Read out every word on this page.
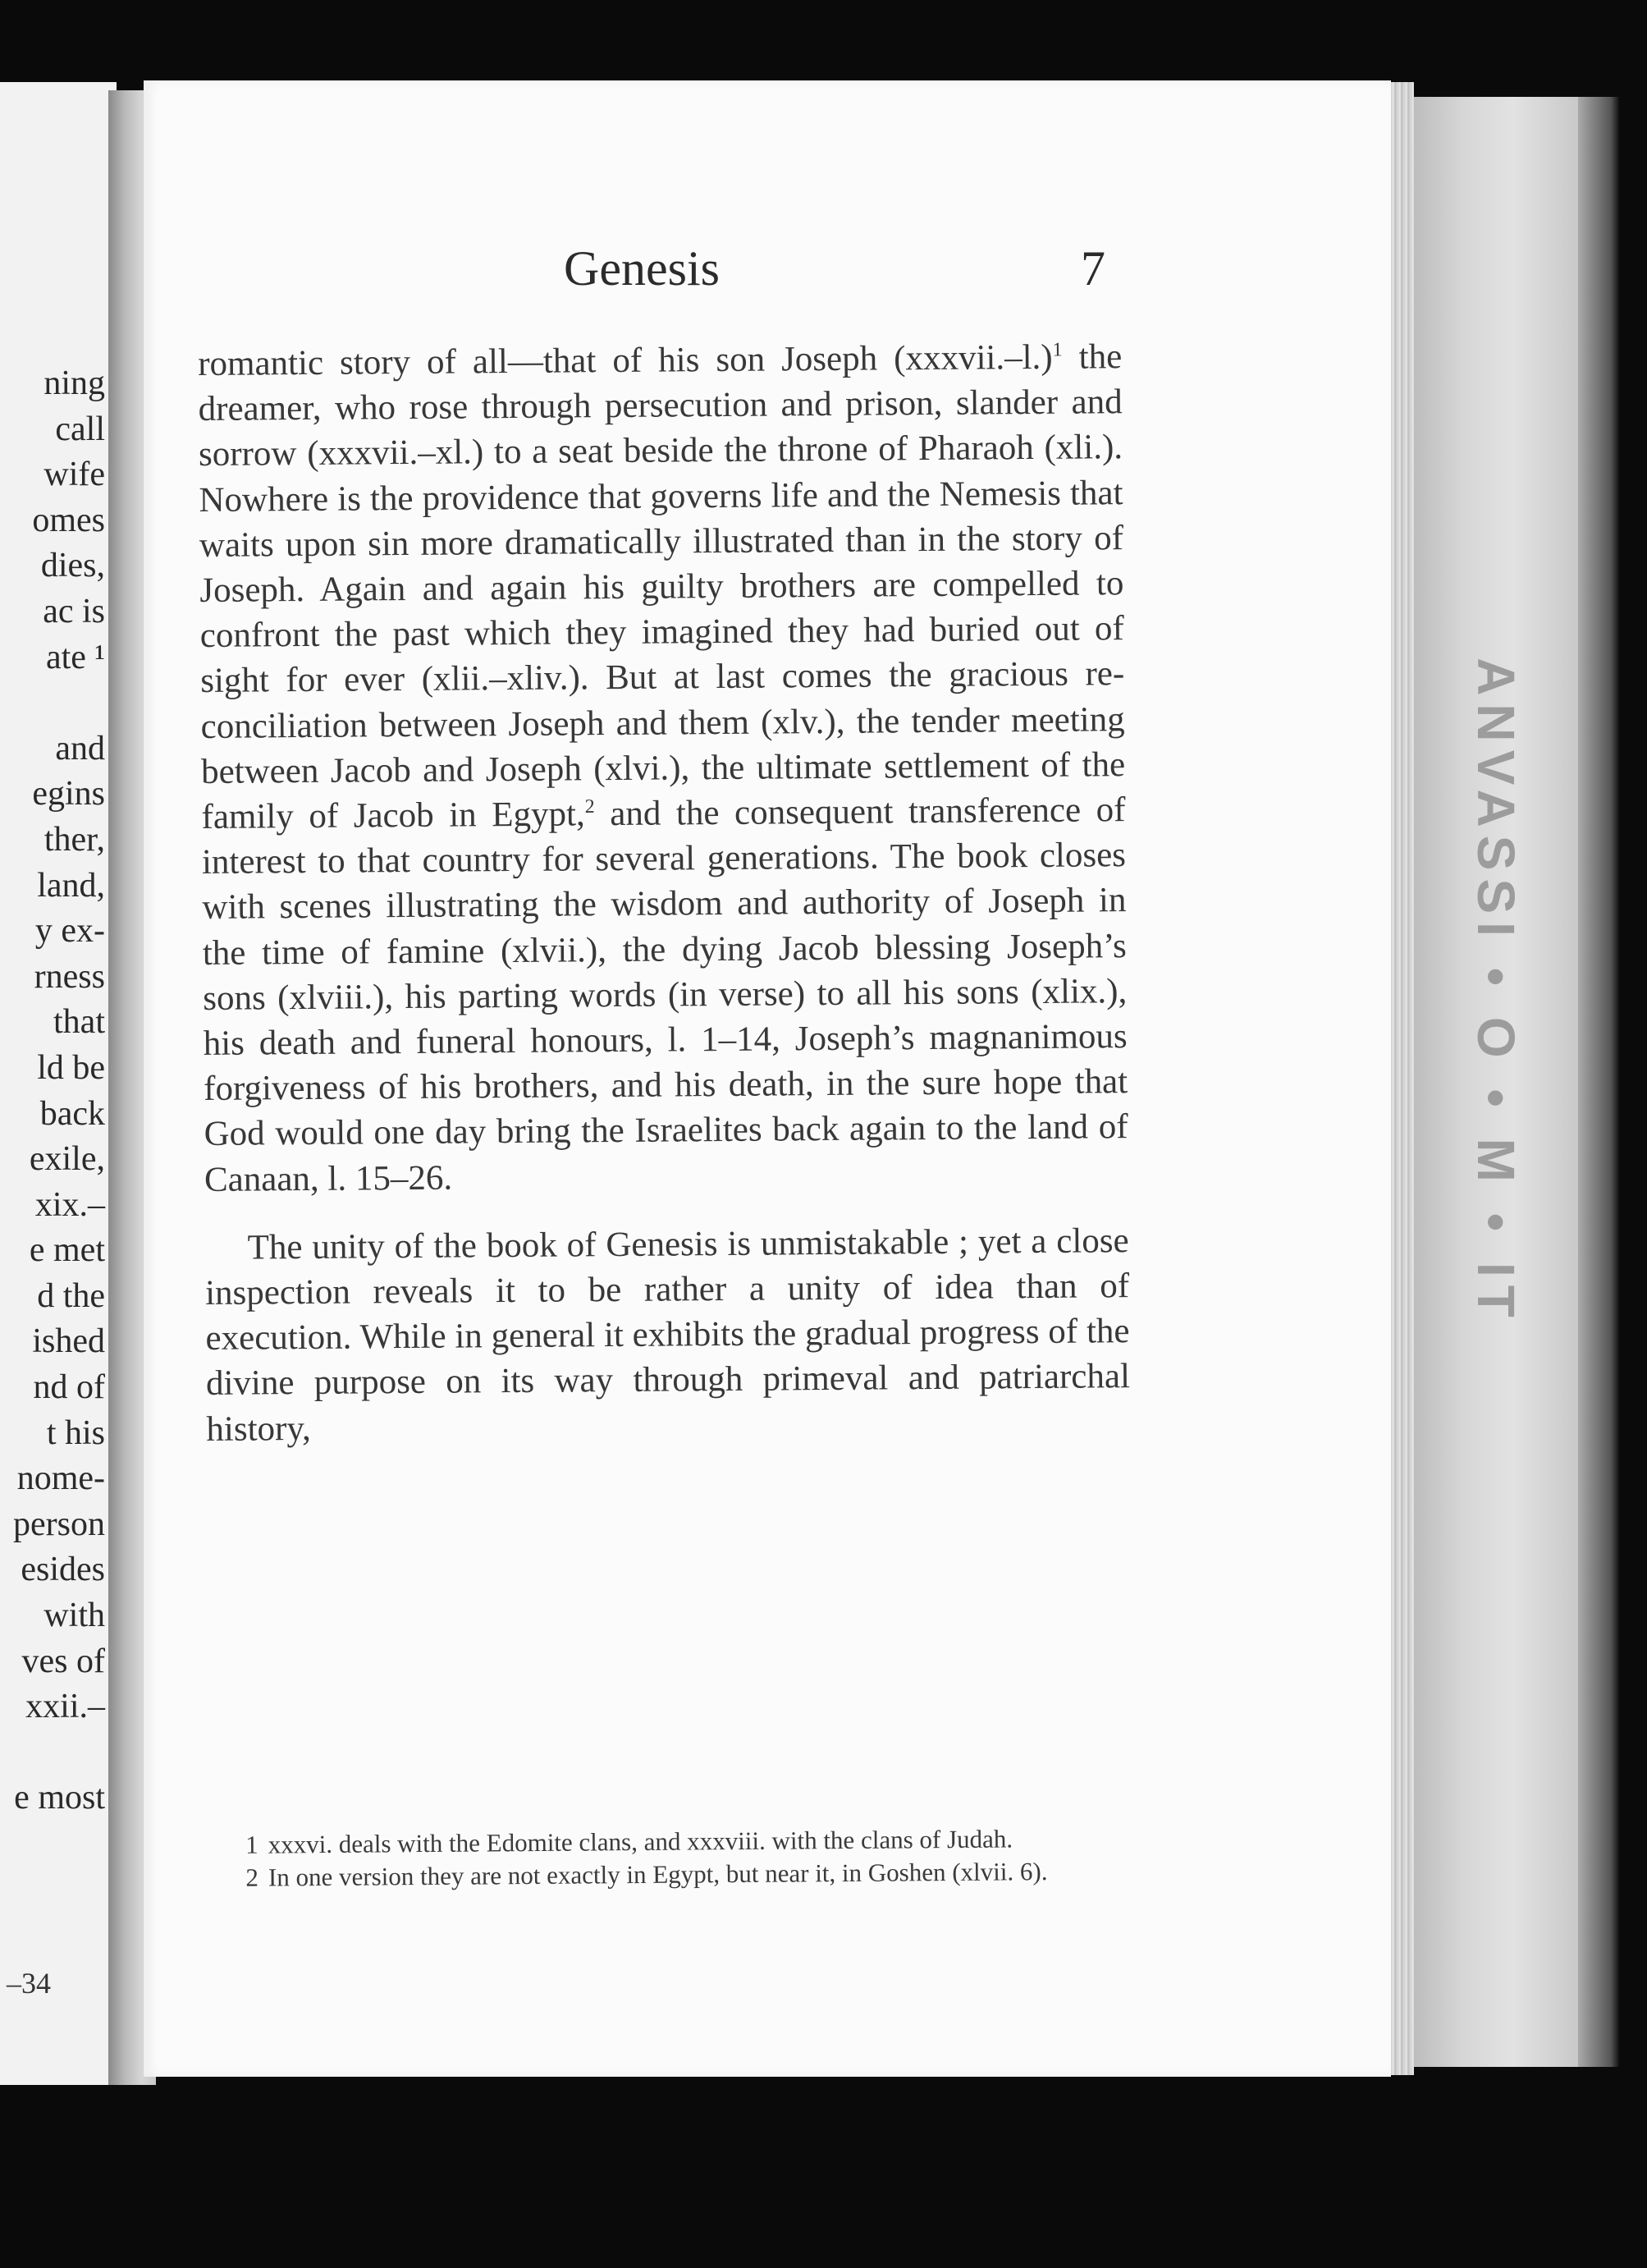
ning
call
wife
omes
dies,
ac is
ate ¹

and
egins
ther,
land,
y ex-
rness
that
ld be
back
exile,
xix.–
e met
d the
ished
nd of
t his
nome-
person
esides
with
ves of
xxii.–

e most
–34
Genesis	7

romantic story of all—that of his son Joseph (xxxvii.–l.)$^1$ the dreamer, who rose through persecution and prison, slander and sorrow (xxxvii.–xl.) to a seat beside the throne of Pharaoh (xli.). Nowhere is the providence that governs life and the Nemesis that waits upon sin more dramatically illustrated than in the story of Joseph. Again and again his guilty brothers are compelled to confront the past which they imagined they had buried out of sight for ever (xlii.–xliv.). But at last comes the gracious reconciliation between Joseph and them (xlv.), the tender meeting between Jacob and Joseph (xlvi.), the ultimate settlement of the family of Jacob in Egypt,$^2$ and the consequent transference of interest to that country for several generations. The book closes with scenes illustrating the wisdom and authority of Joseph in the time of famine (xlvii.), the dying Jacob blessing Joseph’s sons (xlviii.), his parting words (in verse) to all his sons (xlix.), his death and funeral honours, l. 1–14, Joseph’s magnanimous forgiveness of his brothers, and his death, in the sure hope that God would one day bring the Israelites back again to the land of Canaan, l. 15–26.

The unity of the book of Genesis is unmistakable ; yet a close inspection reveals it to be rather a unity of idea than of execution. While in general it exhibits the gradual progress of the divine purpose on its way through primeval and patriarchal history,

1 xxxvi. deals with the Edomite clans, and xxxviii. with the clans of Judah.

2 In one version they are not exactly in Egypt, but near it, in Goshen (xlvii. 6).

ANVASSI • O • M • IT
